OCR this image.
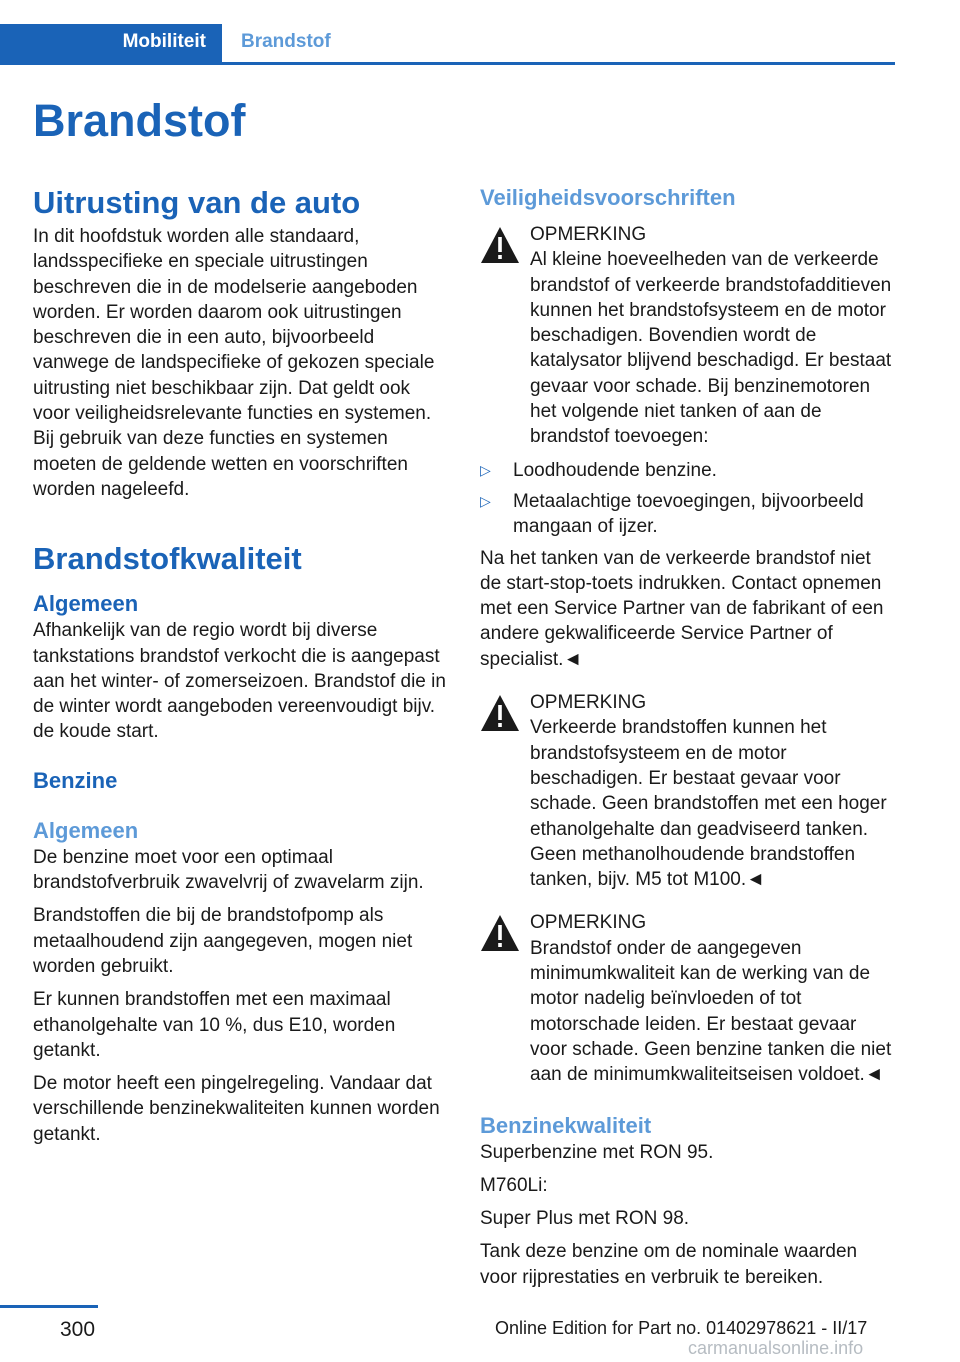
Mobiliteit Brandstof
Brandstof
Uitrusting van de auto

In dit hoofdstuk worden alle standaard, landsspecifieke en speciale uitrustingen beschreven die in de modelserie aangeboden worden. Er worden daarom ook uitrustingen beschreven die in een auto, bijvoorbeeld vanwege de landspecifieke of gekozen speciale uitrusting niet beschikbaar zijn. Dat geldt ook voor veiligheidsrelevante functies en systemen. Bij gebruik van deze functies en systemen moeten de geldende wetten en voorschriften worden nageleefd.

Brandstofkwaliteit
Algemeen

Afhankelijk van de regio wordt bij diverse tankstations brandstof verkocht die is aangepast aan het winter- of zomerseizoen. Brandstof die in de winter wordt aangeboden vereenvoudigt bijv. de koude start.

Benzine
Algemeen

De benzine moet voor een optimaal brandstofverbruik zwavelvrij of zwavelarm zijn.

Brandstoffen die bij de brandstofpomp als metaalhoudend zijn aangegeven, mogen niet worden gebruikt.

Er kunnen brandstoffen met een maximaal ethanolgehalte van 10 %, dus E10, worden getankt.

De motor heeft een pingelregeling. Vandaar dat verschillende benzinekwaliteiten kunnen worden getankt.

Veiligheidsvoorschriften
OPMERKING

Al kleine hoeveelheden van de verkeerde brandstof of verkeerde brandstofadditieven kunnen het brandstofsysteem en de motor beschadigen. Bovendien wordt de katalysator blijvend beschadigd. Er bestaat gevaar voor schade. Bij benzinemotoren het volgende niet tanken of aan de brandstof toevoegen:

▷ Loodhoudende benzine.
▷ Metaalachtige toevoegingen, bijvoorbeeld mangaan of ijzer.

Na het tanken van de verkeerde brandstof niet de start-stop-toets indrukken. Contact opnemen met een Service Partner van de fabrikant of een andere gekwalificeerde Service Partner of specialist.◄

OPMERKING

Verkeerde brandstoffen kunnen het brandstofsysteem en de motor beschadigen. Er bestaat gevaar voor schade. Geen brandstoffen met een hoger ethanolgehalte dan geadviseerd tanken. Geen methanolhoudende brandstoffen tanken, bijv. M5 tot M100.◄

OPMERKING

Brandstof onder de aangegeven minimumkwaliteit kan de werking van de motor nadelig beïnvloeden of tot motorschade leiden. Er bestaat gevaar voor schade. Geen benzine tanken die niet aan de minimumkwaliteitseisen voldoet.◄

Benzinekwaliteit

Superbenzine met RON 95.

M760Li:

Super Plus met RON 98.

Tank deze benzine om de nominale waarden voor rijprestaties en verbruik te bereiken.

300	Online Edition for Part no. 01402978621 - II/17
carmanualsonline.info
